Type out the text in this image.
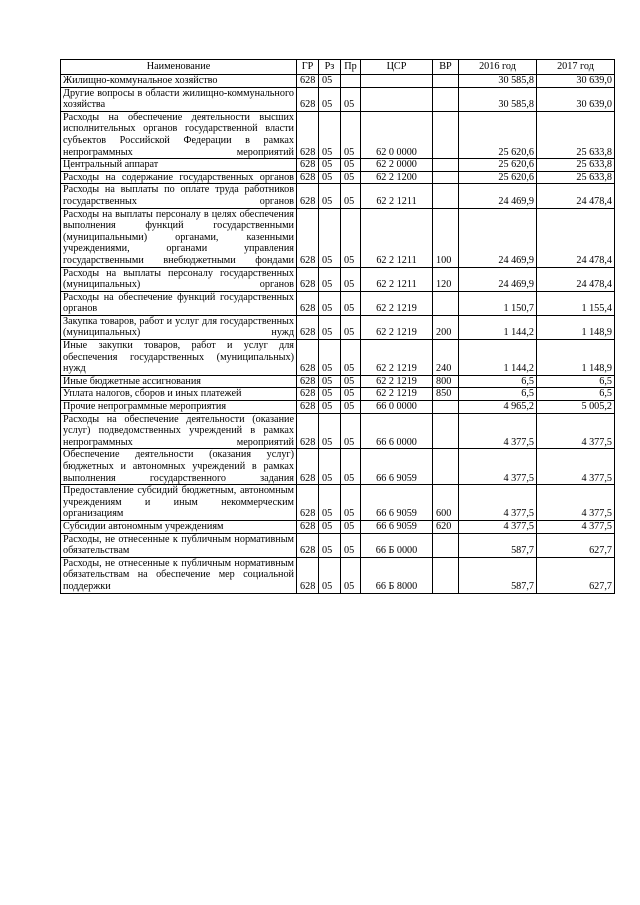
Наименование	ГР	Рз	Пр	ЦСР	ВР	2016 год	2017 год
Жилищно-коммунальное хозяйство	628	05				30 585,8	30 639,0
Другие вопросы в области жилищно-коммунального хозяйства	628	05	05			30 585,8	30 639,0
Расходы на обеспечение деятельности высших исполнительных органов государственной власти субъектов Российской Федерации в рамках непрограммных мероприятий	628	05	05	62 0 0000		25 620,6	25 633,8
Центральный аппарат	628	05	05	62 2 0000		25 620,6	25 633,8
Расходы на содержание государственных органов	628	05	05	62 2 1200		25 620,6	25 633,8
Расходы на выплаты по оплате труда работников государственных органов	628	05	05	62 2 1211		24 469,9	24 478,4
Расходы на выплаты персоналу в целях обеспечения выполнения функций государственными (муниципальными) органами, казенными учреждениями, органами управления государственными внебюджетными фондами	628	05	05	62 2 1211	100	24 469,9	24 478,4
Расходы на выплаты персоналу государственных (муниципальных) органов	628	05	05	62 2 1211	120	24 469,9	24 478,4
Расходы на обеспечение функций государственных органов	628	05	05	62 2 1219		1 150,7	1 155,4
Закупка товаров, работ и услуг для государственных (муниципальных) нужд	628	05	05	62 2 1219	200	1 144,2	1 148,9
Иные закупки товаров, работ и услуг для обеспечения государственных (муниципальных) нужд	628	05	05	62 2 1219	240	1 144,2	1 148,9
Иные бюджетные ассигнования	628	05	05	62 2 1219	800	6,5	6,5
Уплата налогов, сборов и иных платежей	628	05	05	62 2 1219	850	6,5	6,5
Прочие непрограммные мероприятия	628	05	05	66 0 0000		4 965,2	5 005,2
Расходы на обеспечение деятельности (оказание услуг) подведомственных учреждений в рамках непрограммных мероприятий	628	05	05	66 6 0000		4 377,5	4 377,5
Обеспечение деятельности (оказания услуг) бюджетных и автономных учреждений в рамках выполнения государственного задания	628	05	05	66 6 9059		4 377,5	4 377,5
Предоставление субсидий бюджетным, автономным учреждениям и иным некоммерческим организациям	628	05	05	66 6 9059	600	4 377,5	4 377,5
Субсидии автономным учреждениям	628	05	05	66 6 9059	620	4 377,5	4 377,5
Расходы, не отнесенные к публичным нормативным обязательствам	628	05	05	66 Б 0000		587,7	627,7
Расходы, не отнесенные к публичным нормативным обязательствам на обеспечение мер социальной поддержки	628	05	05	66 Б 8000		587,7	627,7
